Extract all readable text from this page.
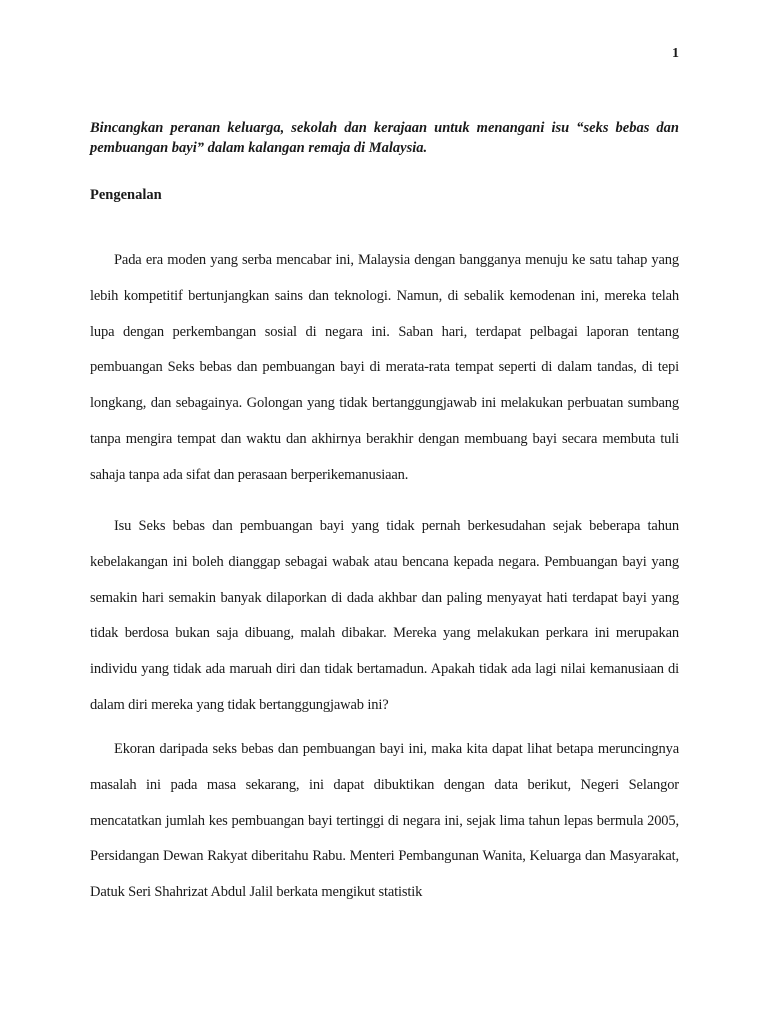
1
Bincangkan peranan keluarga, sekolah dan kerajaan untuk menangani isu “seks bebas dan pembuangan bayi” dalam kalangan remaja di Malaysia.
Pengenalan

Pada era moden yang serba mencabar ini, Malaysia dengan bangganya menuju ke satu tahap yang lebih kompetitif bertunjangkan sains dan teknologi. Namun, di sebalik kemodenan ini, mereka telah lupa dengan perkembangan sosial di negara ini. Saban hari, terdapat pelbagai laporan tentang pembuangan Seks bebas dan pembuangan bayi di merata-rata tempat seperti di dalam tandas, di tepi longkang, dan sebagainya. Golongan yang tidak bertanggungjawab ini melakukan perbuatan sumbang tanpa mengira tempat dan waktu dan akhirnya berakhir dengan membuang bayi secara membuta tuli sahaja tanpa ada sifat dan perasaan berperikemanusiaan.

Isu Seks bebas dan pembuangan bayi yang tidak pernah berkesudahan sejak beberapa tahun kebelakangan ini boleh dianggap sebagai wabak atau bencana kepada negara. Pembuangan bayi yang semakin hari semakin banyak dilaporkan di dada akhbar dan paling menyayat hati terdapat bayi yang tidak berdosa bukan saja dibuang, malah dibakar. Mereka yang melakukan perkara ini merupakan individu yang tidak ada maruah diri dan tidak bertamadun. Apakah tidak ada lagi nilai kemanusiaan di dalam diri mereka yang tidak bertanggungjawab ini?

Ekoran daripada seks bebas dan pembuangan bayi ini, maka kita dapat lihat betapa meruncingnya masalah ini pada masa sekarang, ini dapat dibuktikan dengan data berikut, Negeri Selangor mencatatkan jumlah kes pembuangan bayi tertinggi di negara ini, sejak lima tahun lepas bermula 2005, Persidangan Dewan Rakyat diberitahu Rabu. Menteri Pembangunan Wanita, Keluarga dan Masyarakat, Datuk Seri Shahrizat Abdul Jalil berkata mengikut statistik
